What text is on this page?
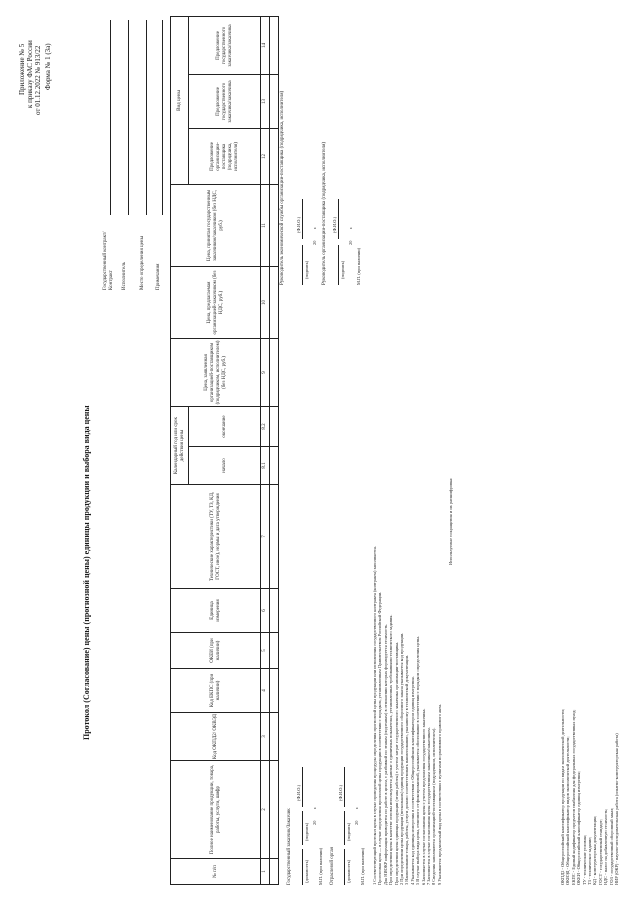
Приложение № 5 к приказу ФАС России от 01.12.2022 № 913/22 Форма № 1 (3а)
Протокол (Согласование) цены (прогнозной цены) единицы продукции и выбора вида цены
Государственный контракт/Контракт Исполнитель	Место определения цены Примечания
№ п/п	Полное наименование продукции, товара, работы, услуги, шифр	Код ОКПД2/ ОКВЭД	Код ЕКПС (при наличии)	ОКЕИ (при наличии)	Единица измерения	Технические характеристики (ТУ, ТЗ, КД, ГОСТ, иное), нормы и дата утверждения	Календарный год или срок действия цены		Цена, заявленная организацией-поставщиком (подрядчиком, исполнителем) (без НДС, руб.)	Цена, предлагаемая организацией-заказчиком (без НДС, руб.)	Цена, принятая государственным заказчиком/заказчиком (без НДС, руб.)	Вид цены		
							начало	окончание				Предложение организации-поставщика (подрядчика, исполнителя)	Предложение государственного заказчика/заказчика	Предложение государственного заказчика/заказчика
1	2	3	4	5	6	7	8.1	8.2	9	10	11	12	13	14

Государственный заказчик/Заказчик	(должность)
(подпись)
(Ф.И.О.)
20
г.
М.П. (при наличии) Отраслевой орган	(должность)
(подпись)
(Ф.И.О.)
20
г.
М.П. (при наличии)
Руководитель экономической службы организации-поставщика (подрядчика, исполнителя)	(подпись)
(Ф.И.О.)
20
г. Руководитель организации-поставщика (подрядчика, исполнителя)	(подпись)
(Ф.И.О.)
20
г.
М.П. (при наличии)

1 Соответствующий протокол цены в случае проведения процедуры определения прогнозной цены продукции или исполнения государственного контракта (контракта) заполняется. Прогнозная цена — в случае определения прогнозной цены продукции в соответствии с порядком, установленным Правительством Российской Федерации. Для НИОКР информация приводится по работе в целом, с разбивкой по этапам (подэтапам) в отношении которых формируется стоимость. При определении цены в качестве основы используются данные о единичных показателях, установленных требованиями технического задания. При определении цены единицы продукции (этапа работы) с учетом затрат государственного заказчика организации-поставщика. 2 При определении цены продукции (нескольких) единиц продукции государственного оборонного заказа указывается код продукции. 3 Наименование товара, работы, услуги должно соответствовать наименованию, указанному в технической документации. 4 Указывается код единицы измерения в соответствии с Общероссийским классификатором единиц измерения. 5 В случае выбора вида цены, отличного от фиксированной, указывается обоснование в соответствии с порядком определения цены. 6 Заполняется в случае согласования цены с учетом предложения государственного заказчика. 7 Заполняется в случае согласования цены государственным заказчиком/заказчиком. 8 Сведения заполняются организацией-поставщиком (подрядчиком, исполнителем). 9 Указывается предлагаемый вид цены в соответствии с пунктами нормативного правового акта.

Используемые сокращения и их расшифровка:

ОКПД2 - Общероссийский классификатор продукции по видам экономической деятельности; ОКВЭД - Общероссийский классификатор видов экономической деятельности; ЕКПС - Единый кодификатор предметов снабжения для федеральных государственных нужд; ОКЕИ - Общероссийский классификатор единиц измерения; ТУ - технические условия; ТЗ - техническое задание; КД - конструкторская документация; ГОСТ - государственный стандарт; НДС - налог на добавленную стоимость; ГОЗ - государственный оборонный заказ; НИР (ОКР) - научно-исследовательская работа (опытно-конструкторская работа)
